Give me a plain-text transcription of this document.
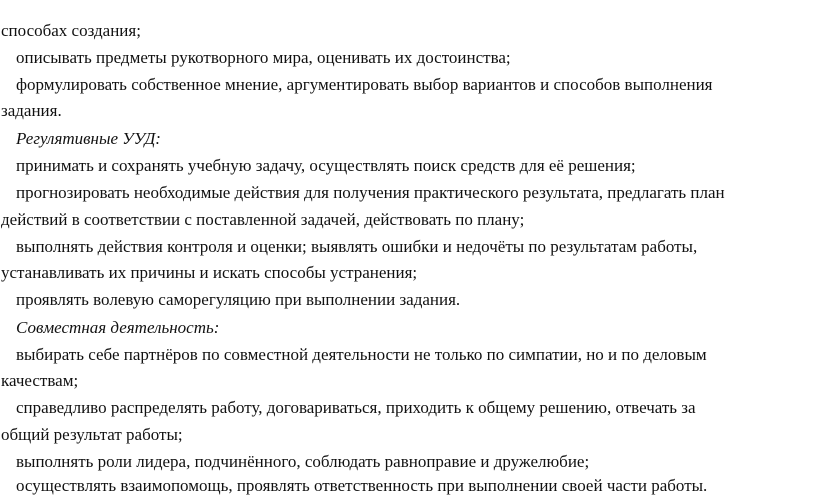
способах создания;
описывать предметы рукотворного мира, оценивать их достоинства;
формулировать собственное мнение, аргументировать выбор вариантов и способов выполнения
задания.
Регулятивные УУД:
принимать и сохранять учебную задачу, осуществлять поиск средств для её решения;
прогнозировать необходимые действия для получения практического результата, предлагать план
действий в соответствии с поставленной задачей, действовать по плану;
выполнять действия контроля и оценки; выявлять ошибки и недочёты по результатам работы,
устанавливать их причины и искать способы устранения;
проявлять волевую саморегуляцию при выполнении задания.
Совместная деятельность:
выбирать себе партнёров по совместной деятельности не только по симпатии, но и по деловым
качествам;
справедливо распределять работу, договариваться, приходить к общему решению, отвечать за
общий результат работы;
выполнять роли лидера, подчинённого, соблюдать равноправие и дружелюбие;
осуществлять взаимопомощь, проявлять ответственность при выполнении своей части работы.
